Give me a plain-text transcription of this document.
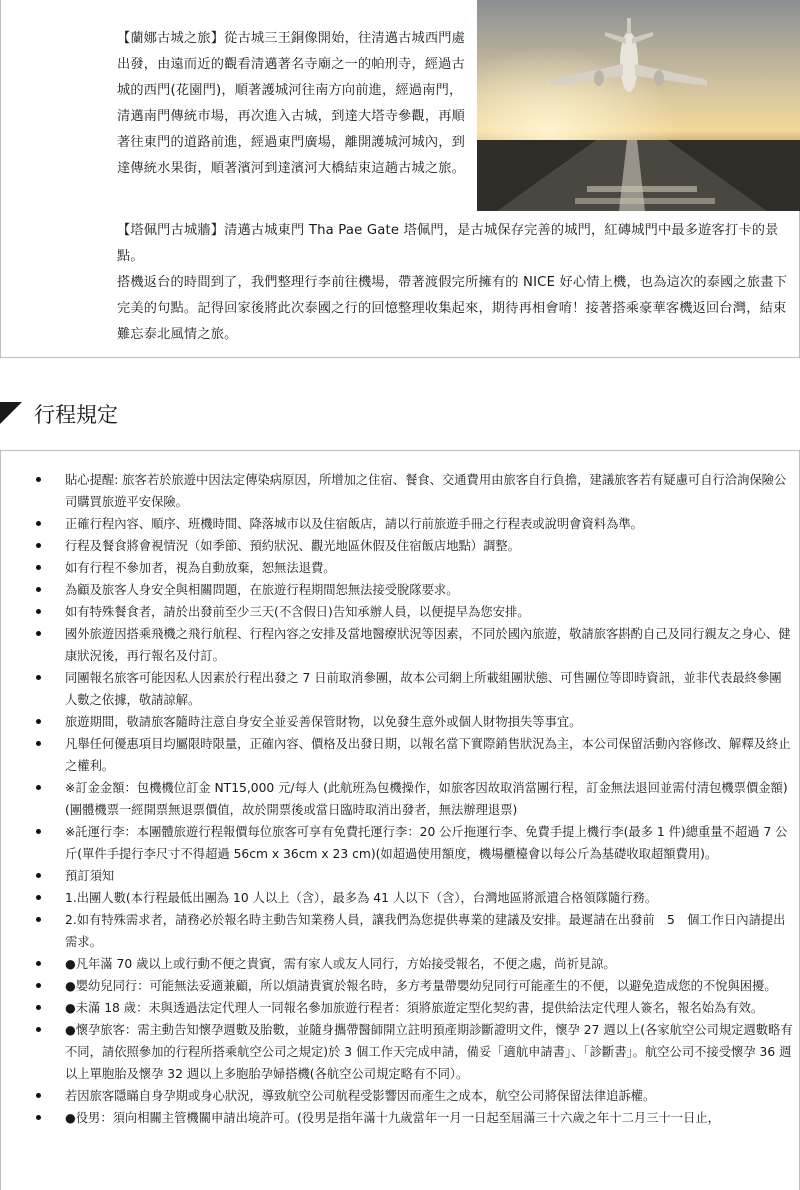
【蘭娜古城之旅】從古城三王銅像開始，往清邁古城西門處出發，由遠而近的觀看清邁著名寺廟之一的帕刑寺，經過古城的西門(花園門)，順著護城河往南方向前進，經過南門，清邁南門傳統市場，再次進入古城，到達大塔寺參觀，再順著往東門的道路前進，經過東門廣場，離開護城河城內，到達傳統水果街，順著濱河到達濱河大橋結束這趟古城之旅。
【塔佩門古城牆】清邁古城東門 Tha Pae Gate 塔佩門，是古城保存完善的城門，紅磚城門中最多遊客打卡的景點。
搭機返台的時間到了，我們整理行李前往機場，帶著渡假完所擁有的 NICE 好心情上機，也為這次的泰國之旅畫下完美的句點。記得回家後將此次泰國之行的回憶整理收集起來，期待再相會唷！接著搭乘豪華客機返回台灣，結束難忘泰北風情之旅。
行程規定
貼心提醒: 旅客若於旅遊中因法定傳染病原因，所增加之住宿、餐食、交通費用由旅客自行負擔，建議旅客若有疑慮可自行洽詢保險公司購買旅遊平安保險。
正確行程內容、順序、班機時間、降落城市以及住宿飯店，請以行前旅遊手冊之行程表或說明會資料為準。
行程及餐食將會視情況（如季節、預約狀況、觀光地區休假及住宿飯店地點）調整。
如有行程不參加者，視為自動放棄，恕無法退費。
為顧及旅客人身安全與相關問題，在旅遊行程期間恕無法接受脫隊要求。
如有特殊餐食者，請於出發前至少三天(不含假日)告知承辦人員，以便提早為您安排。
國外旅遊因搭乘飛機之飛行航程、行程內容之安排及當地醫療狀況等因素，不同於國內旅遊，敬請旅客斟酌自己及同行親友之身心、健康狀況後，再行報名及付訂。
同團報名旅客可能因私人因素於行程出發之 7 日前取消參團，故本公司網上所載組團狀態、可售團位等即時資訊，並非代表最終參團人數之依據，敬請諒解。
旅遊期間，敬請旅客隨時注意自身安全並妥善保管財物，以免發生意外或個人財物損失等事宜。
凡舉任何優惠項目均屬限時限量，正確內容、價格及出發日期，以報名當下實際銷售狀況為主，本公司保留活動內容修改、解釋及終止之權利。
※訂金金額：包機機位訂金 NT15,000 元/每人 (此航班為包機操作，如旅客因故取消當團行程，訂金無法退回並需付清包機票價金額)(團體機票一經開票無退票價值，故於開票後或當日臨時取消出發者，無法辦理退票)
※託運行李：本團體旅遊行程報價每位旅客可享有免費托運行李：20 公斤拖運行李、免費手提上機行李(最多 1 件)總重量不超過 7 公斤(單件手提行李尺寸不得超過 56cm x 36cm x 23 cm)(如超過使用額度，機場櫃檯會以每公斤為基礎收取超額費用)。
預訂須知
1.出團人數(本行程最低出團為 10 人以上（含），最多為 41 人以下（含），台灣地區將派遣合格領隊隨行務。
2.如有特殊需求者，請務必於報名時主動告知業務人員，讓我們為您提供專業的建議及安排。最遲請在出發前　5　個工作日內請提出需求。
●凡年滿 70 歲以上或行動不便之貴賓，需有家人或友人同行，方始接受報名，不便之處，尚祈見諒。
●嬰幼兒同行：可能無法妥適兼顧，所以煩請貴賓於報名時，多方考量帶嬰幼兒同行可能產生的不便，以避免造成您的不悅與困擾。
●未滿 18 歲：未與透過法定代理人一同報名參加旅遊行程者：須將旅遊定型化契約書，提供給法定代理人簽名，報名始為有效。
●懷孕旅客：需主動告知懷孕週數及胎數，並隨身攜帶醫師開立註明預產期診斷證明文件，懷孕 27 週以上(各家航空公司規定週數略有不同，請依照參加的行程所搭乘航空公司之規定)於 3 個工作天完成申請，備妥「適航申請書」、「診斷書」。航空公司不接受懷孕 36 週以上單胞胎及懷孕 32 週以上多胞胎孕婦搭機(各航空公司規定略有不同）。
若因旅客隱瞞自身孕期或身心狀況，導致航空公司航程受影響因而產生之成本，航空公司將保留法律追訴權。
●役男：須向相關主管機關申請出境許可。(役男是指年滿十九歲當年一月一日起至屆滿三十六歲之年十二月三十一日止，
